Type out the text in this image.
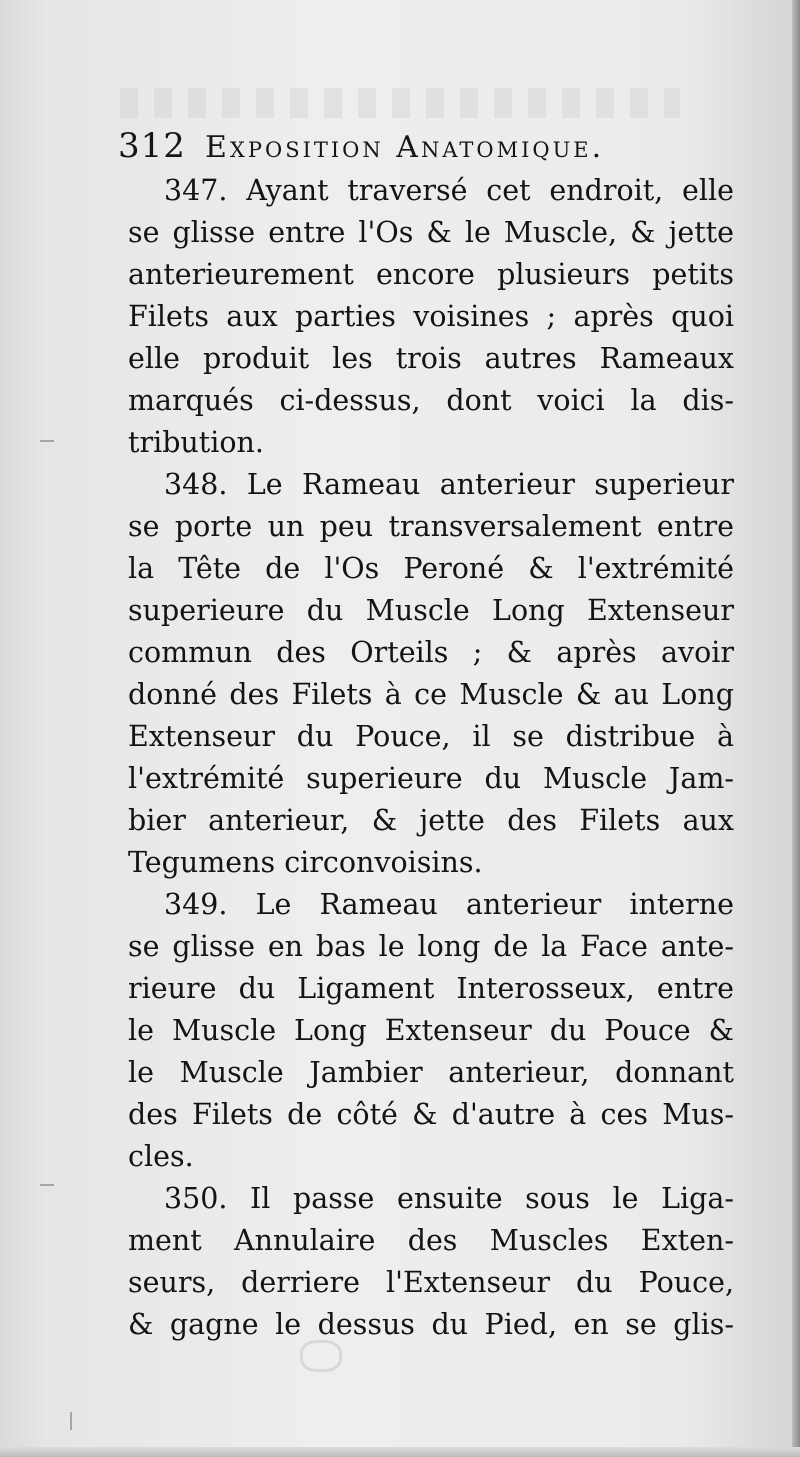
312 Exposition Anatomique.

347. Ayant traversé cet endroit, elle

se glisse entre l'Os & le Muscle, & jette

anterieurement encore plusieurs petits

Filets aux parties voisines ; après quoi

elle produit les trois autres Rameaux

marqués ci-dessus, dont voici la dis-

tribution.

348. Le Rameau anterieur superieur

se porte un peu transversalement entre

la Tête de l'Os Peroné & l'extrémité

superieure du Muscle Long Extenseur

commun des Orteils ; & après avoir

donné des Filets à ce Muscle & au Long

Extenseur du Pouce, il se distribue à

l'extrémité superieure du Muscle Jam-

bier anterieur, & jette des Filets aux

Tegumens circonvoisins.

349. Le Rameau anterieur interne

se glisse en bas le long de la Face ante-

rieure du Ligament Interosseux, entre

le Muscle Long Extenseur du Pouce &

le Muscle Jambier anterieur, donnant

des Filets de côté & d'autre à ces Mus-

cles.

350. Il passe ensuite sous le Liga-

ment Annulaire des Muscles Exten-

seurs, derriere l'Extenseur du Pouce,

& gagne le dessus du Pied, en se glis-
